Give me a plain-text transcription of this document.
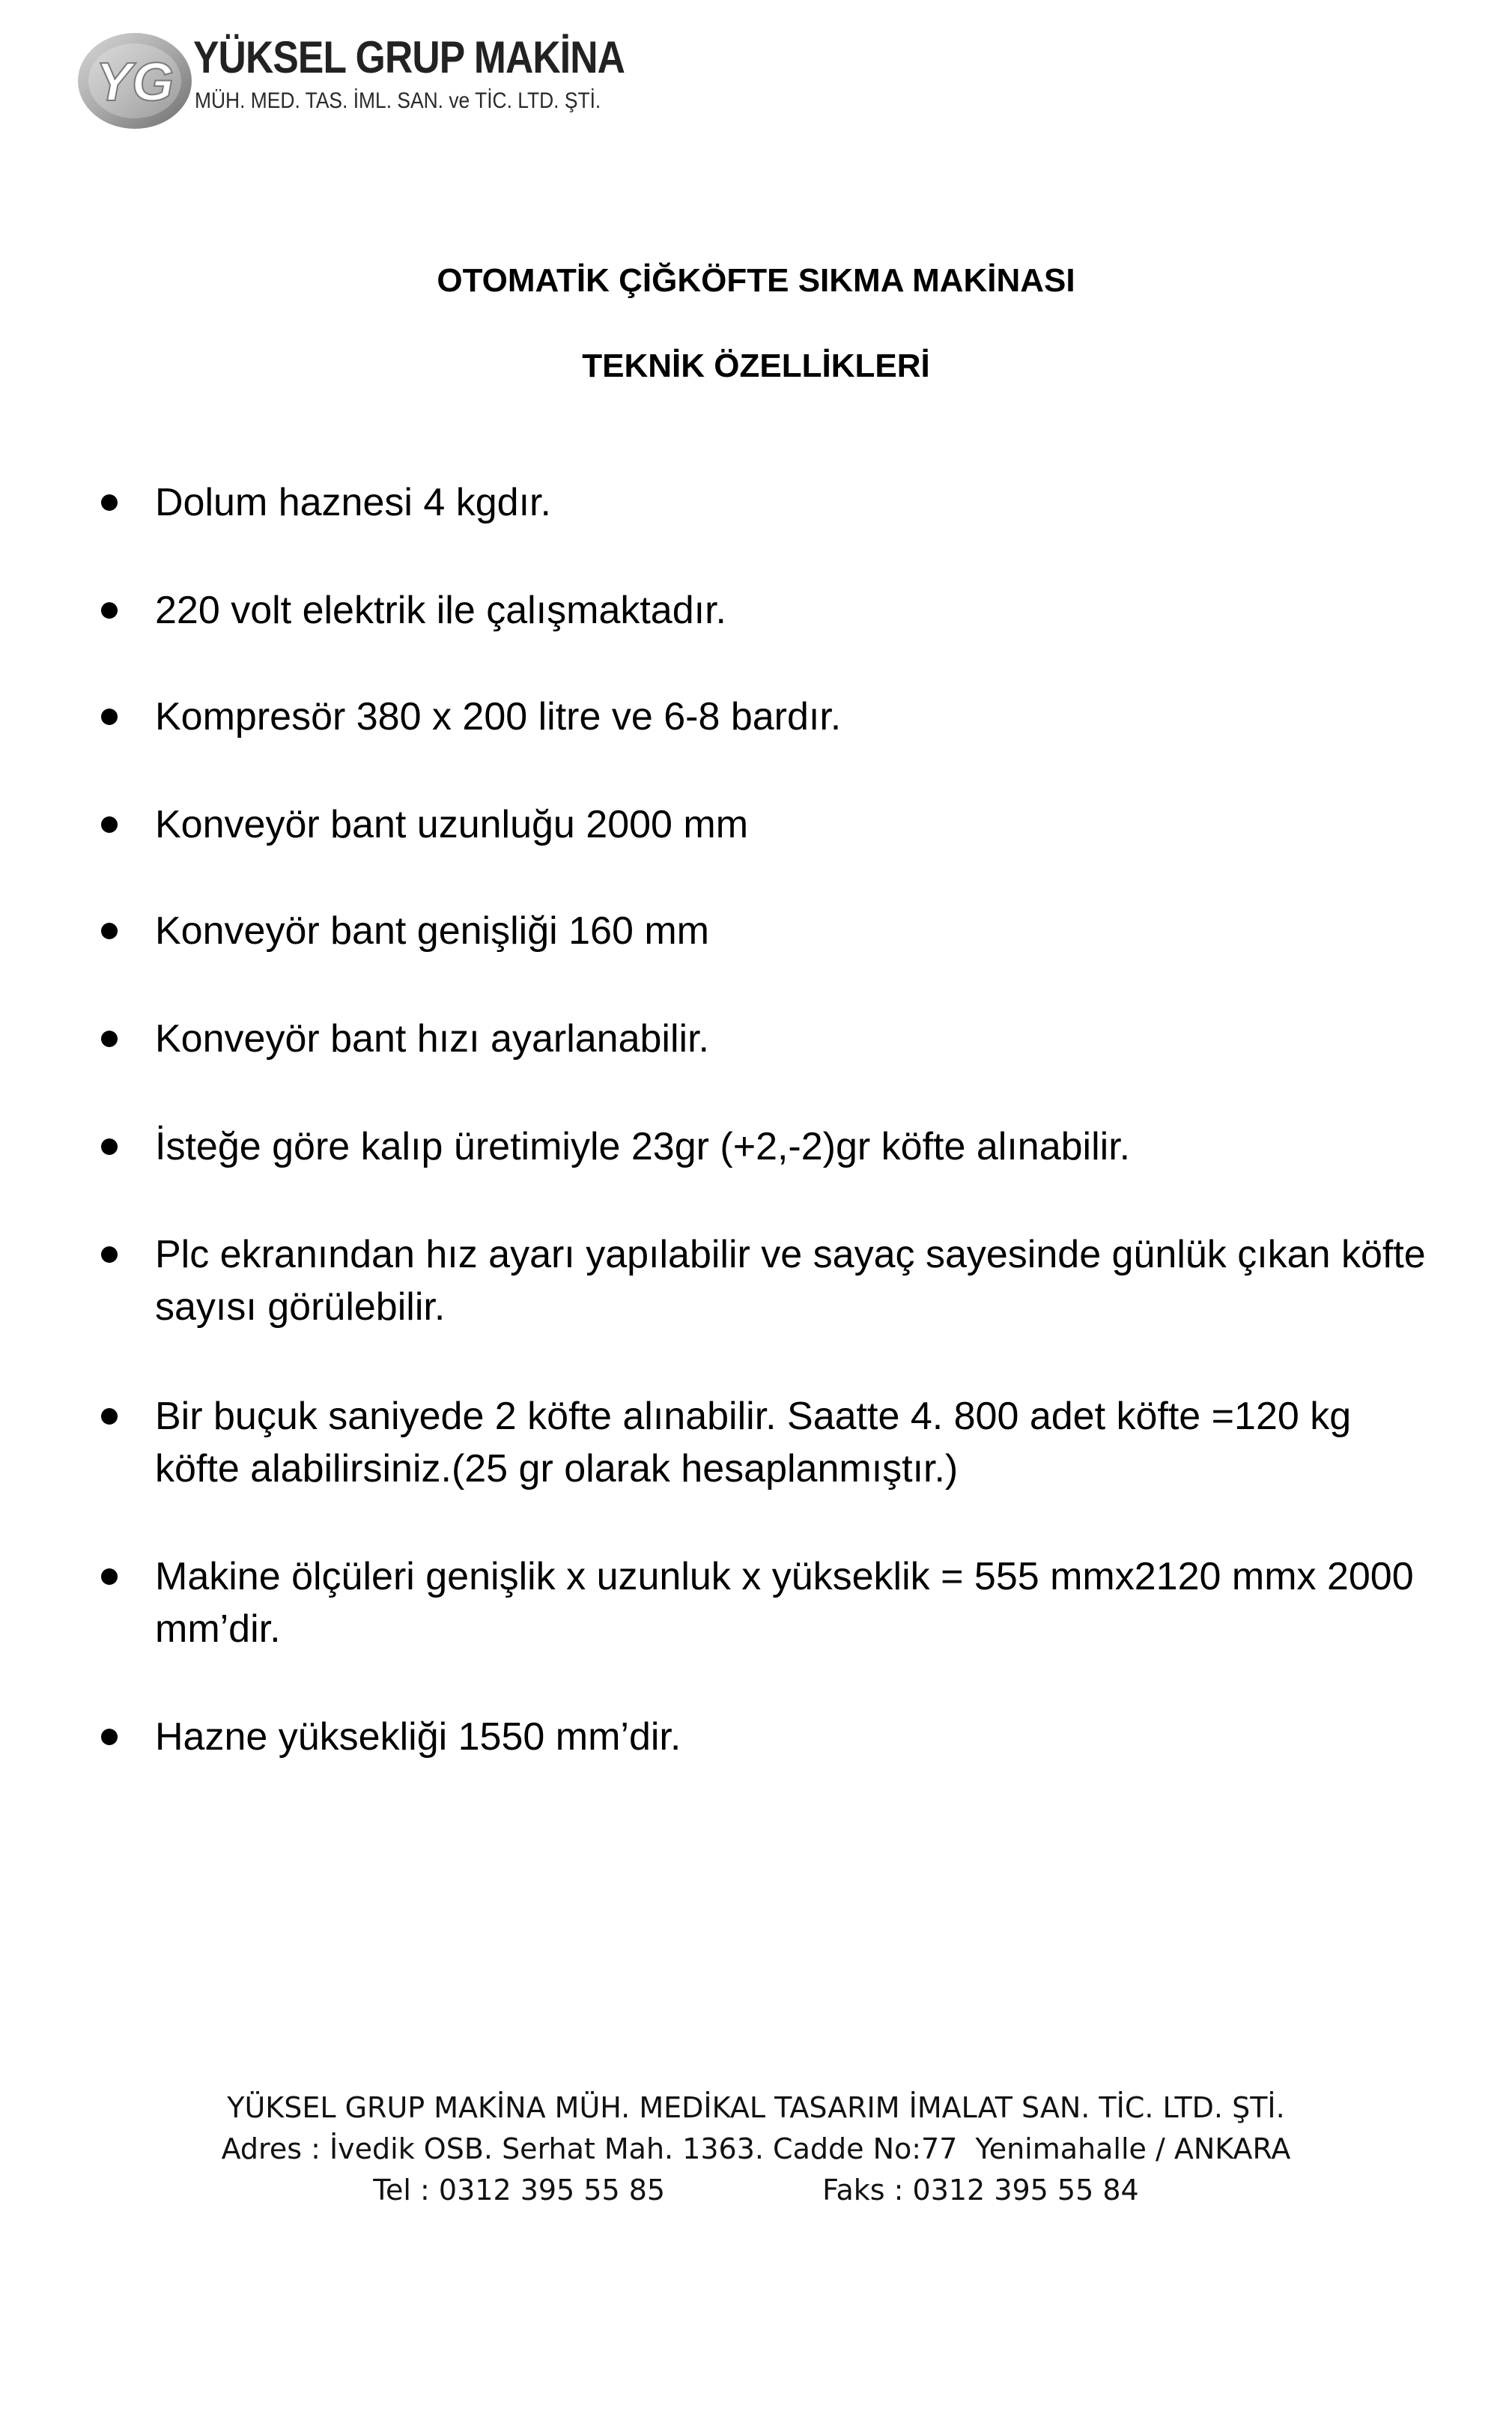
YG YÜKSEL GRUP MAKİNA
MÜH. MED. TAS. İML. SAN. ve TİC. LTD. ŞTİ.
OTOMATİK ÇİĞKÖFTE SIKMA MAKİNASI
TEKNİK ÖZELLİKLERİ
Dolum haznesi 4 kgdır.
220 volt elektrik ile çalışmaktadır.
Kompresör 380 x 200 litre ve 6-8 bardır.
Konveyör bant uzunluğu 2000 mm
Konveyör bant genişliği 160 mm
Konveyör bant hızı ayarlanabilir.
İsteğe göre kalıp üretimiyle 23gr (+2,-2)gr köfte alınabilir.
Plc ekranından hız ayarı yapılabilir ve sayaç sayesinde günlük çıkan köfte
sayısı görülebilir.
Bir buçuk saniyede 2 köfte alınabilir. Saatte 4. 800 adet köfte =120 kg
köfte alabilirsiniz.(25 gr olarak hesaplanmıştır.)
Makine ölçüleri genişlik x uzunluk x yükseklik = 555 mmx2120 mmx 2000
mm’dir.
Hazne yüksekliği 1550 mm’dir.
YÜKSEL GRUP MAKİNA MÜH. MEDİKAL TASARIM İMALAT SAN. TİC. LTD. ŞTİ.
Adres : İvedik OSB. Serhat Mah. 1363. Cadde No:77  Yenimahalle / ANKARA
Tel : 0312 395 55 85	Faks : 0312 395 55 84
